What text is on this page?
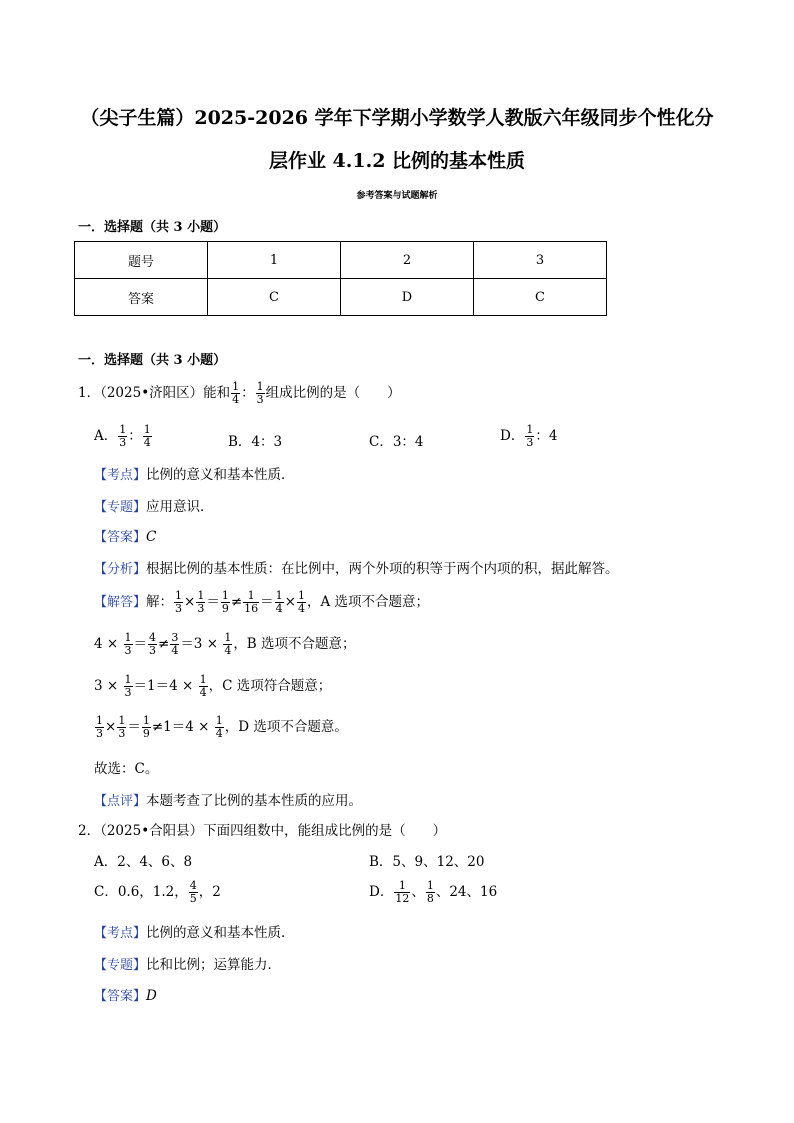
（尖子生篇）2025-2026 学年下学期小学数学人教版六年级同步个性化分
层作业 4.1.2 比例的基本性质
参考答案与试题解析
一．选择题（共 3 小题）
题号	1	2	3
答案	C	D	C
一．选择题（共 3 小题）
1．（2025•济阳区）能和 $\frac{1}{4}$ ： $\frac{1}{3}$ 组成比例的是（　　）
A． $\frac{1}{3}$ ： $\frac{1}{4}$	B．4：3	C．3：4	D． $\frac{1}{3}$ ：4
【考点】比例的意义和基本性质．
【专题】应用意识．
【答案】C
【分析】根据比例的基本性质：在比例中，两个外项的积等于两个内项的积，据此解答。
【解答】解： $\frac{1}{3} \times \frac{1}{3} = \frac{1}{9} \ne \frac{1}{16} = \frac{1}{4} \times \frac{1}{4}$ ，A 选项不合题意；
$4 \times \frac{1}{3} = \frac{4}{3} \ne \frac{3}{4} =3 \times \frac{1}{4}$ ，B 选项不合题意；
$3 \times \frac{1}{3} =1=4 \times \frac{1}{4}$ ，C 选项符合题意；
$\frac{1}{3} \times \frac{1}{3} = \frac{1}{9} \ne 1=4 \times \frac{1}{4}$ ，D 选项不合题意。
故选：C。
【点评】本题考查了比例的基本性质的应用。
2．（2025•合阳县）下面四组数中，能组成比例的是（　　）
A．2、4、6、8	B．5、9、12、20
C．0.6，1.2， $\frac{4}{5}$ ，2	D． $\frac{1}{12}$ 、 $\frac{1}{8}$ 、24、16
【考点】比例的意义和基本性质．
【专题】比和比例；运算能力．
【答案】D
